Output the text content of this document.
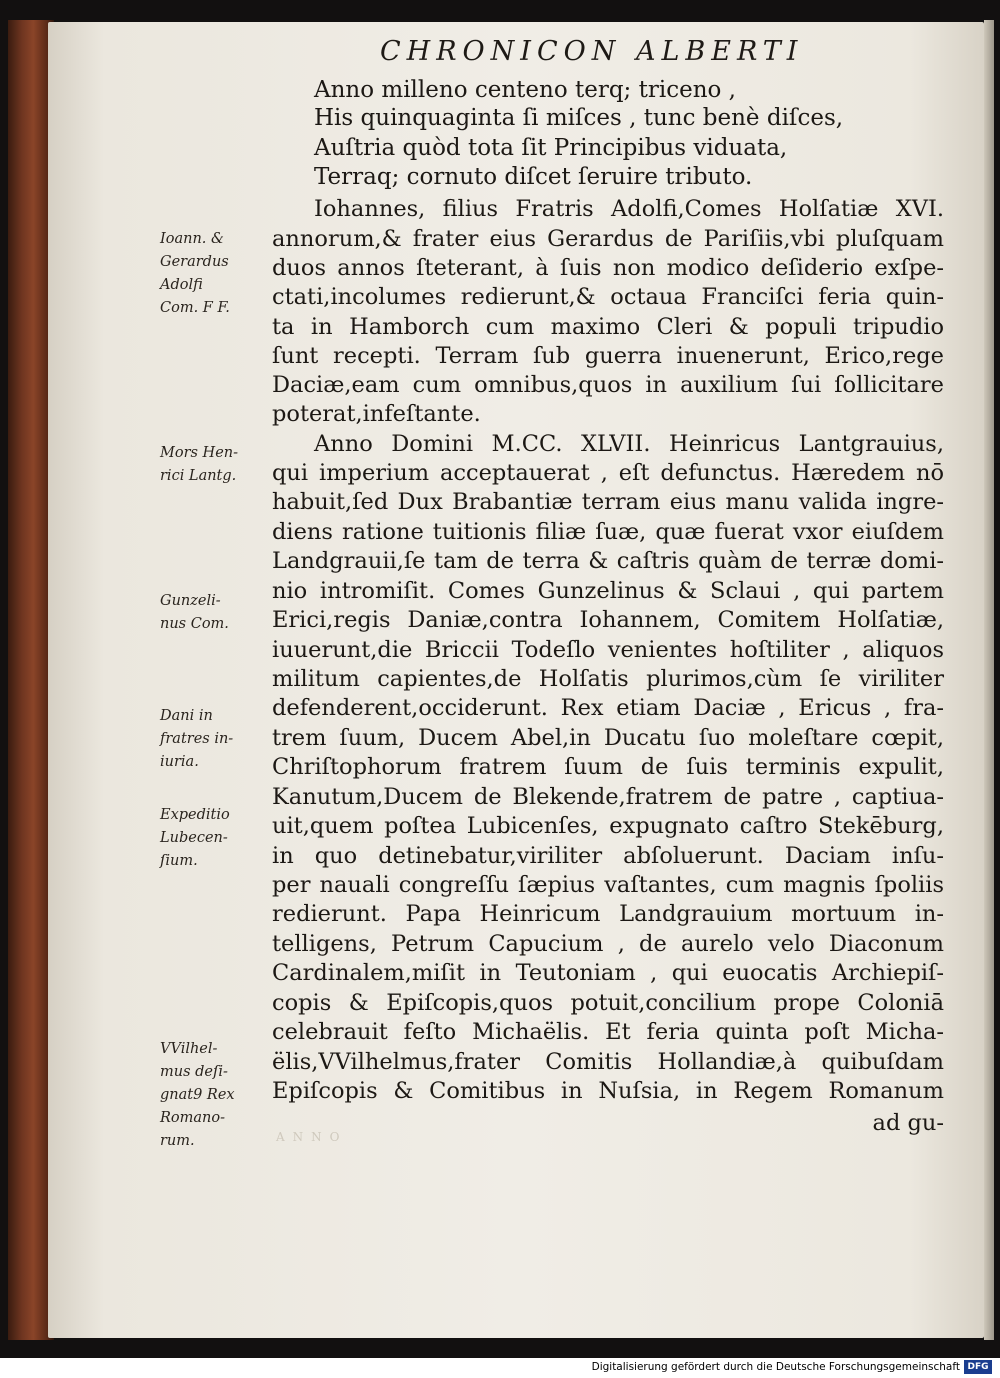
ANNO
CHRONICON ALBERTI
Anno milleno centeno terq; triceno ,
His quinquaginta ſi miſces , tunc benè diſces,
Auſtria quòd tota ſit Principibus viduata,
Terraq; cornuto diſcet ſeruire tributo.
Iohannes, filius Fratris Adolfi,Comes Holſatiæ XVI.
annorum,& frater eius Gerardus de Pariſiis,vbi pluſquam
duos annos ſteterant, à ſuis non modico deſiderio exſpe-
ctati,incolumes redierunt,& octaua Franciſci feria quin-
ta in Hamborch cum maximo Cleri & populi tripudio
ſunt recepti. Terram ſub guerra inuenerunt, Erico,rege
Daciæ,eam cum omnibus,quos in auxilium ſui ſollicitare
poterat,infeſtante.
Anno Domini M.CC. XLVII. Heinricus Lantgrauius,
qui imperium acceptauerat , eſt defunctus. Hæredem nō
habuit,ſed Dux Brabantiæ terram eius manu valida ingre-
diens ratione tuitionis filiæ ſuæ, quæ fuerat vxor eiuſdem
Landgrauii,ſe tam de terra & caſtris quàm de terræ domi-
nio intromiſit. Comes Gunzelinus & Sclaui , qui partem
Erici,regis Daniæ,contra Iohannem, Comitem Holſatiæ,
iuuerunt,die Briccii Todeſlo venientes hoſtiliter , aliquos
militum capientes,de Holſatis plurimos,cùm ſe viriliter
defenderent,occiderunt. Rex etiam Daciæ , Ericus , fra-
trem ſuum, Ducem Abel,in Ducatu ſuo moleſtare cœpit,
Chriſtophorum fratrem ſuum de ſuis terminis expulit,
Kanutum,Ducem de Blekende,fratrem de patre , captiua-
uit,quem poſtea Lubicenſes, expugnato caſtro Stekēburg,
in quo detinebatur,viriliter abſoluerunt. Daciam inſu-
per nauali congreſſu ſæpius vaſtantes, cum magnis ſpoliis
redierunt. Papa Heinricum Landgrauium mortuum in-
telligens, Petrum Capucium , de aurelo velo Diaconum
Cardinalem,miſit in Teutoniam , qui euocatis Archiepiſ-
copis & Epiſcopis,quos potuit,concilium prope Coloniā
celebrauit feſto Michaëlis. Et feria quinta poſt Micha-
ëlis,VVilhelmus,frater Comitis Hollandiæ,à quibuſdam
Epiſcopis & Comitibus in Nuſsia, in Regem Romanum
ad gu-
Ioann. &
Gerardus
Adolfi
Com. F F.
Mors Hen-
rici Lantg.
Gunzeli-
nus Com.
Dani in
fratres in-
iuria.
Expeditio
Lubecen-
ſium.
VVilhel-
mus deſi-
gnat9 Rex
Romano-
rum.
Digitalisierung gefördert durch die Deutsche Forschungsgemeinschaft DFG
